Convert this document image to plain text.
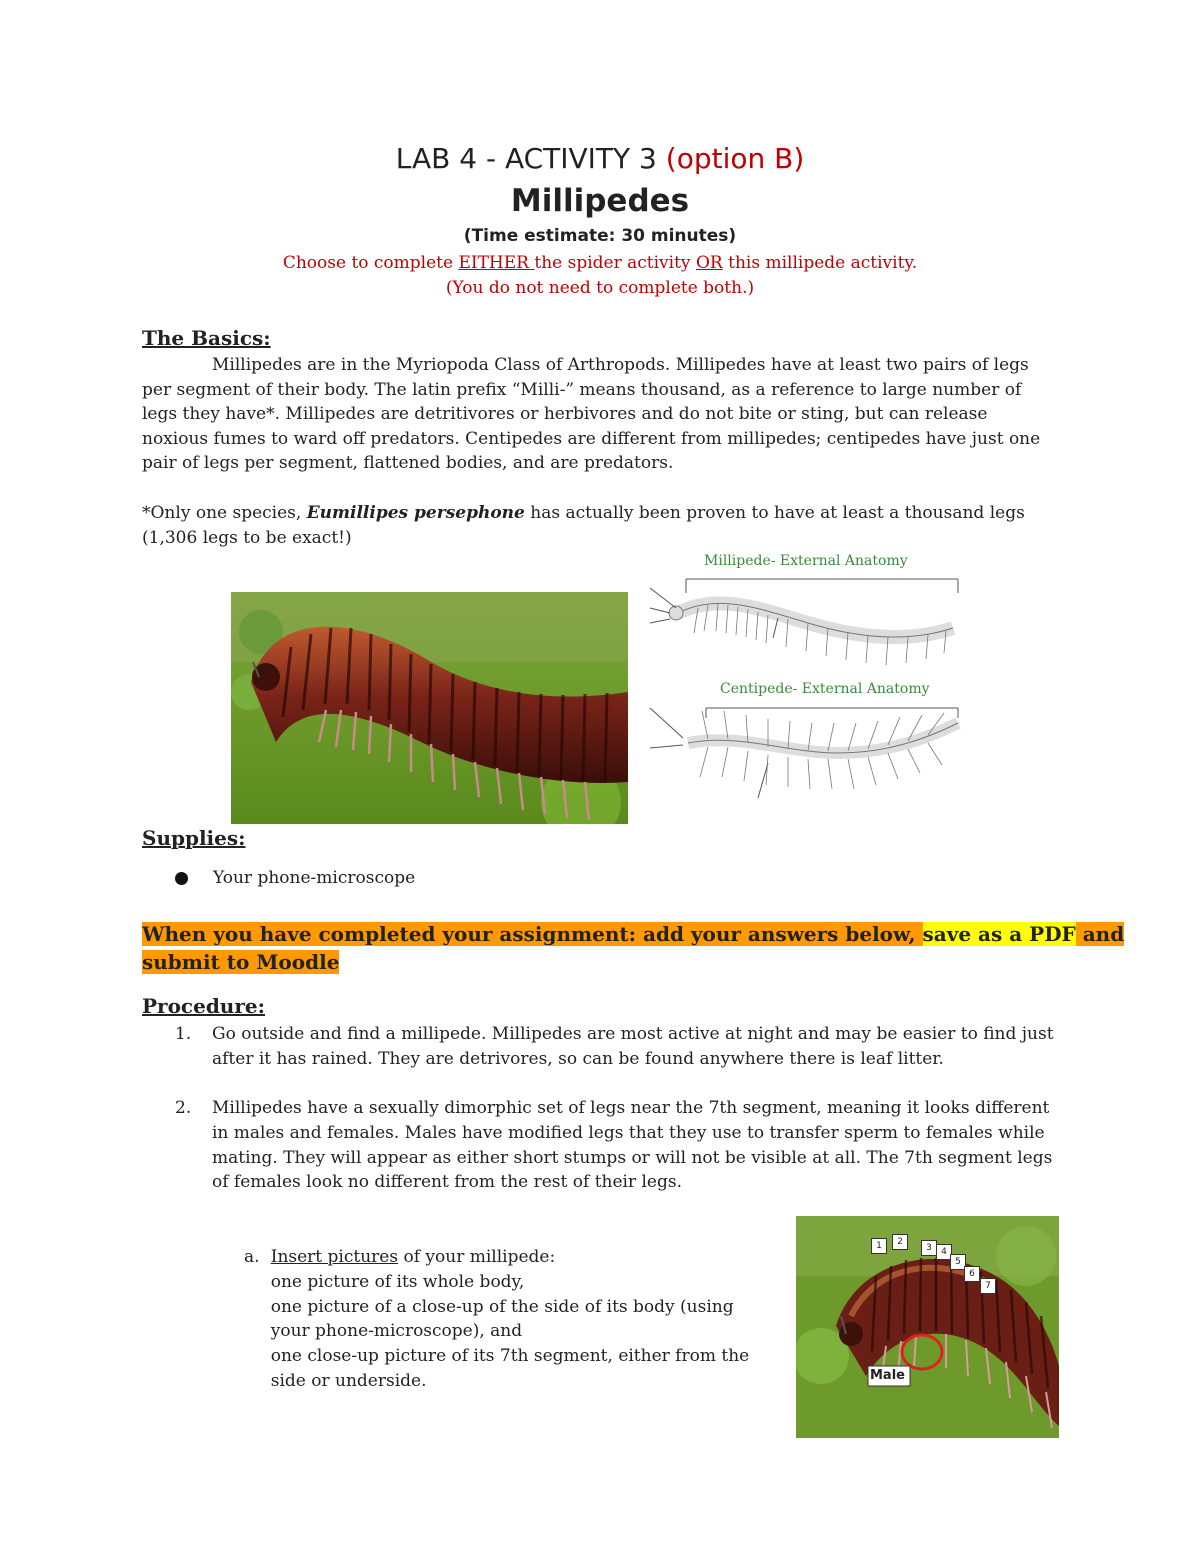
LAB 4 - ACTIVITY 3 (option B)
Millipedes
(Time estimate: 30 minutes)
Choose to complete EITHER the spider activity OR this millipede activity.
(You do not need to complete both.)
The Basics:
Millipedes are in the Myriopoda Class of Arthropods. Millipedes have at least two pairs of legs per segment of their body. The latin prefix “Milli-” means thousand, as a reference to large number of legs they have*. Millipedes are detritivores or herbivores and do not bite or sting, but can release noxious fumes to ward off predators. Centipedes are different from millipedes; centipedes have just one pair of legs per segment, flattened bodies, and are predators.
*Only one species, Eumillipes persephone has actually been proven to have at least a thousand legs (1,306 legs to be exact!)
Millipede- External Anatomy
Centipede- External Anatomy
Supplies:
Your phone-microscope
When you have completed your assignment: add your answers below, save as a PDF and
submit to Moodle
Procedure:
1.	Go outside and find a millipede. Millipedes are most active at night and may be easier to find just after it has rained. They are detrivores, so can be found anywhere there is leaf litter.
2.	Millipedes have a sexually dimorphic set of legs near the 7th segment, meaning it looks different in males and females. Males have modified legs that they use to transfer sperm to females while mating. They will appear as either short stumps or will not be visible at all. The 7th segment legs of females look no different from the rest of their legs.
a. Insert pictures of your millipede:
one picture of its whole body,
one picture of a close-up of the side of its body (using your phone-microscope), and
one close-up picture of its 7th segment, either from the side or underside.	Male
1	2
3	4
5
6
7
